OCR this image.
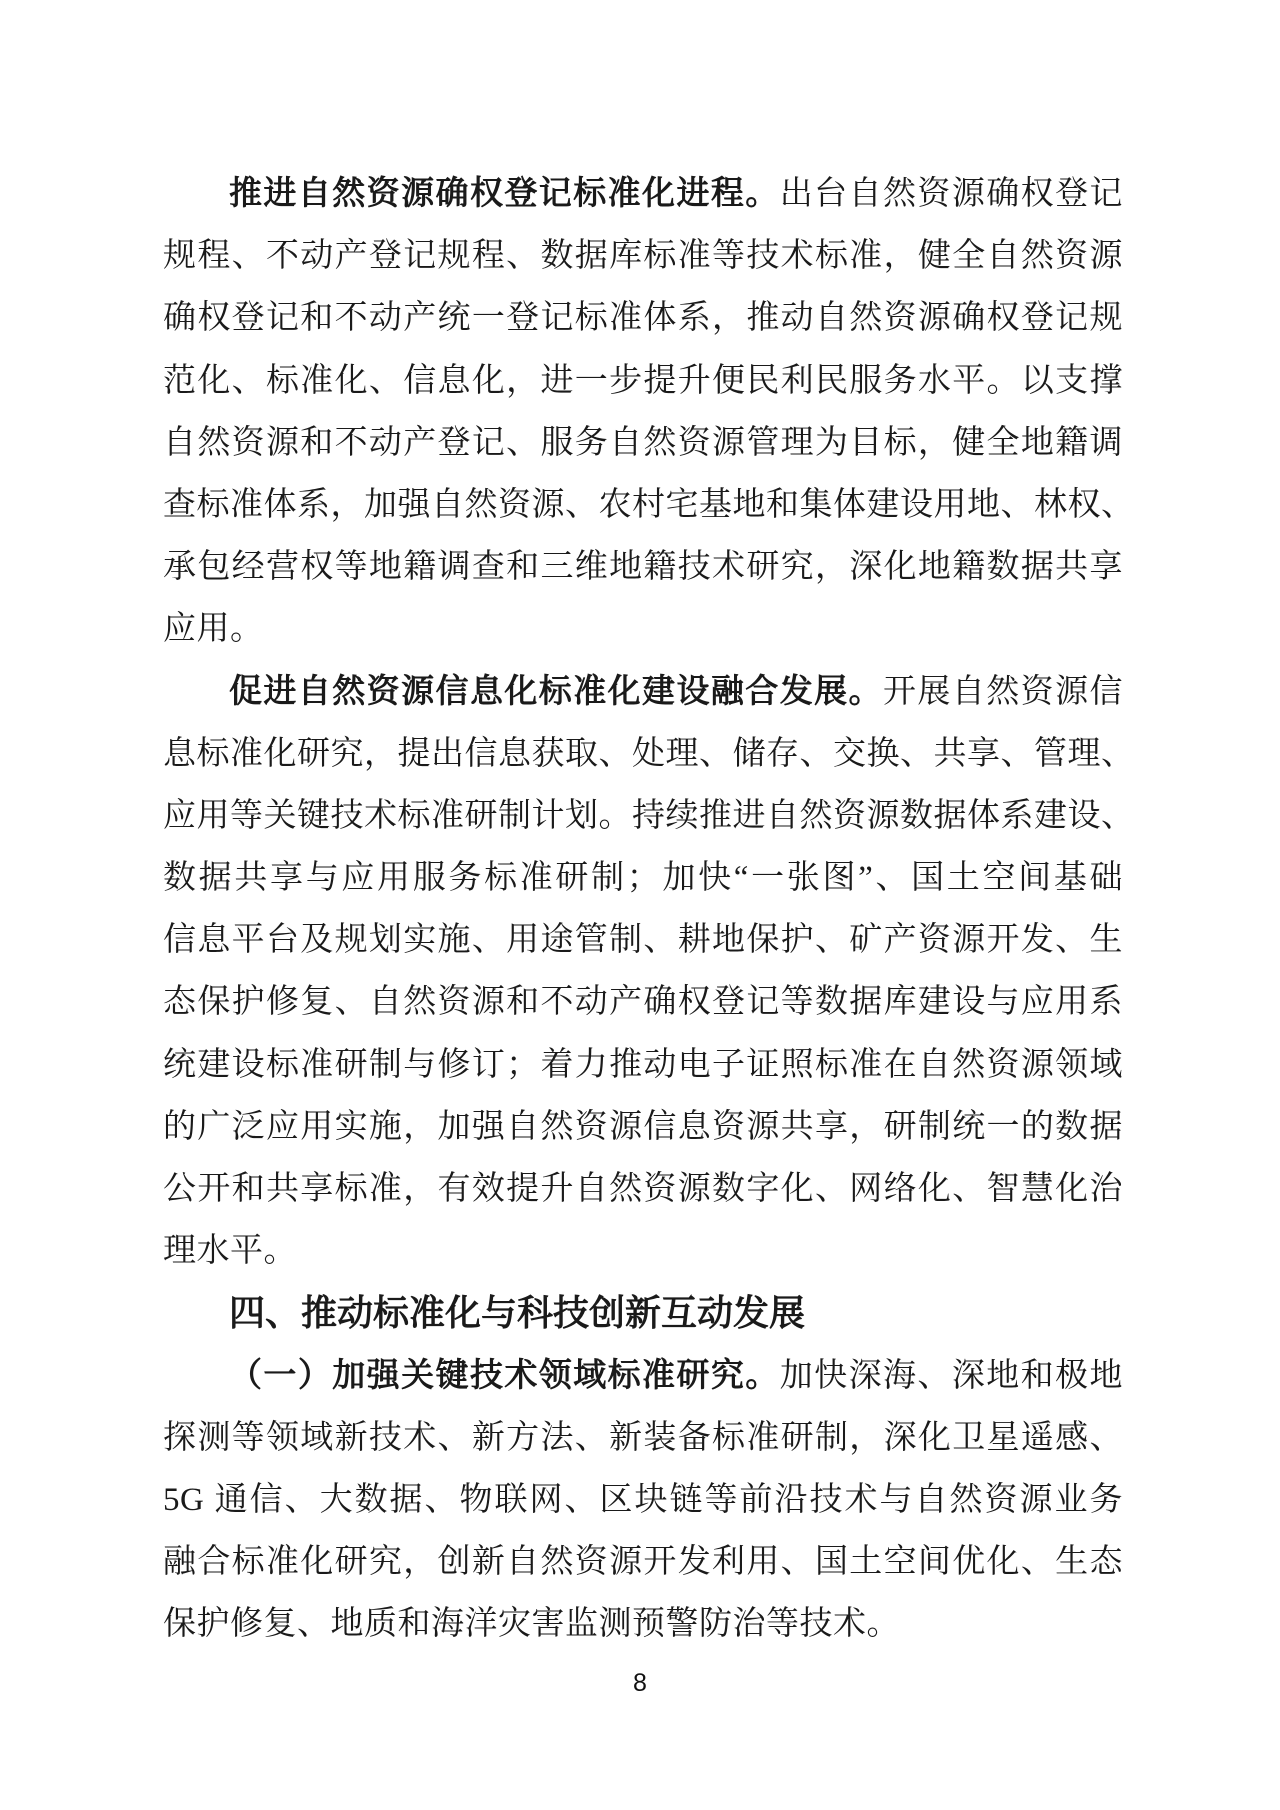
推进自然资源确权登记标准化进程。出台自然资源确权登记
规程、不动产登记规程、数据库标准等技术标准，健全自然资源
确权登记和不动产统一登记标准体系，推动自然资源确权登记规
范化、标准化、信息化，进一步提升便民利民服务水平。以支撑
自然资源和不动产登记、服务自然资源管理为目标，健全地籍调
查标准体系，加强自然资源、农村宅基地和集体建设用地、林权、
承包经营权等地籍调查和三维地籍技术研究，深化地籍数据共享
应用。
促进自然资源信息化标准化建设融合发展。开展自然资源信
息标准化研究，提出信息获取、处理、储存、交换、共享、管理、
应用等关键技术标准研制计划。持续推进自然资源数据体系建设、
数据共享与应用服务标准研制；加快“一张图”、国土空间基础
信息平台及规划实施、用途管制、耕地保护、矿产资源开发、生
态保护修复、自然资源和不动产确权登记等数据库建设与应用系
统建设标准研制与修订；着力推动电子证照标准在自然资源领域
的广泛应用实施，加强自然资源信息资源共享，研制统一的数据
公开和共享标准，有效提升自然资源数字化、网络化、智慧化治
理水平。
四、推动标准化与科技创新互动发展
（一）加强关键技术领域标准研究。加快深海、深地和极地
探测等领域新技术、新方法、新装备标准研制，深化卫星遥感、
5G 通信、大数据、物联网、区块链等前沿技术与自然资源业务
融合标准化研究，创新自然资源开发利用、国土空间优化、生态
保护修复、地质和海洋灾害监测预警防治等技术。
8
